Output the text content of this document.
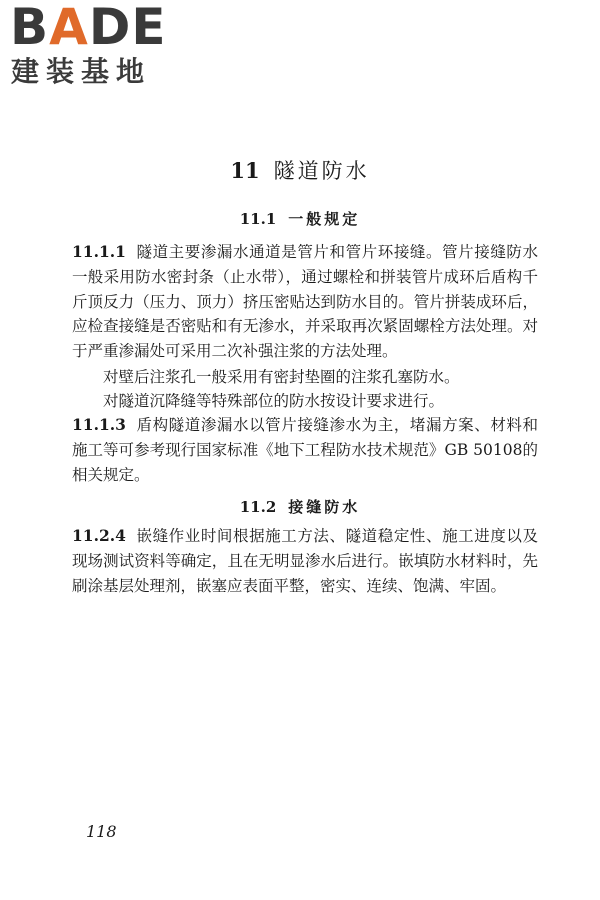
B A DE
建装基地
11 隧道防水
11.1 一般规定

11.1.1 隧道主要渗漏水通道是管片和管片环接缝。管片接缝防水一般采用防水密封条（止水带），通过螺栓和拼装管片成环后盾构千斤顶反力（压力、顶力）挤压密贴达到防水目的。管片拼装成环后，应检查接缝是否密贴和有无渗水，并采取再次紧固螺栓方法处理。对于严重渗漏处可采用二次补强注浆的方法处理。

对壁后注浆孔一般采用有密封垫圈的注浆孔塞防水。

对隧道沉降缝等特殊部位的防水按设计要求进行。

11.1.3 盾构隧道渗漏水以管片接缝渗水为主，堵漏方案、材料和施工等可参考现行国家标准《地下工程防水技术规范》GB 50108的相关规定。

11.2 接缝防水

11.2.4 嵌缝作业时间根据施工方法、隧道稳定性、施工进度以及现场测试资料等确定，且在无明显渗水后进行。嵌填防水材料时，先刷涂基层处理剂，嵌塞应表面平整，密实、连续、饱满、牢固。

118
